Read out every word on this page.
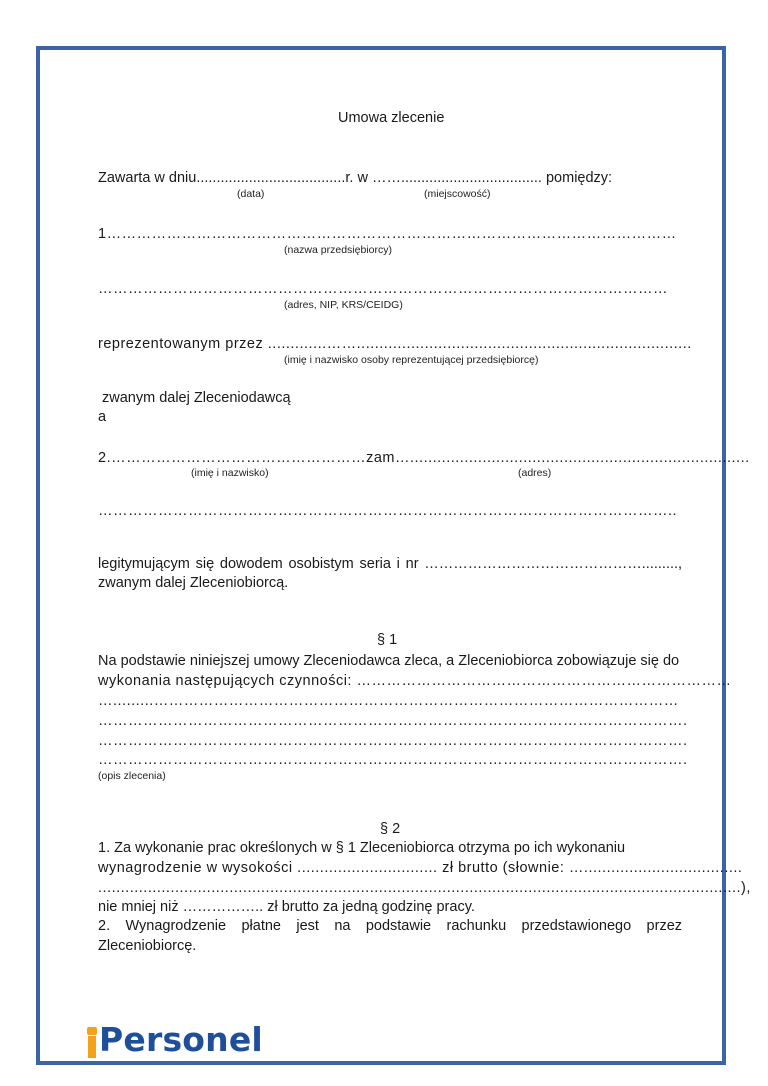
Umowa zlecenie
Zawarta w dniu.....................................r. w ……................................... pomiędzy:
(data)	(miejscowość)
1……………………………………………………………………………………………………
(nazwa przedsiębiorcy)
……………………………………………………………………………………………………
(adres, NIP, KRS/CEIDG)
reprezentowanym przez .............……..........................................................................
(imię i nazwisko osoby reprezentującej przedsiębiorcę)
zwanym dalej Zleceniodawcą
a
2.……………………………………………zam…...........................................................................
(imię i nazwisko)	(adres)
……………………………………………………………………………………………………..
legitymującym się dowodem osobistym seria i nr ……………………………………….........,
zwanym dalej Zleceniobiorcą.
§ 1
Na podstawie niniejszej umowy Zleceniodawca zleca, a Zleceniobiorca zobowiązuje się do
wykonania następujących czynności: …………………………………………………………………
….........……………………………………………………………………………………………
……………………………………………………………………………………………………….
……………………………………………………………………………………………………….
……………………………………………………………………………………………………….
(opis zlecenia)
§ 2
1. Za wykonanie prac określonych w § 1 Zleceniobiorca otrzyma po ich wykonaniu
wynagrodzenie w wysokości ............................... zł brutto (słownie: …...................................
..............................................................................................................................................),
nie mniej niż …………….. zł brutto za jedną godzinę pracy.
2. Wynagrodzenie płatne jest na podstawie rachunku przedstawionego przez
Zleceniobiorcę.
Personel
